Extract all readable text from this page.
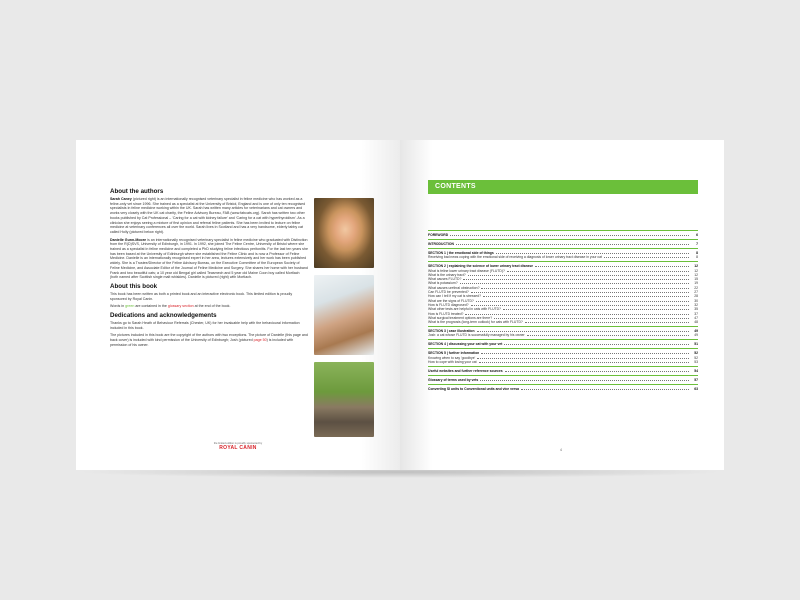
About the authors
Sarah Caney (pictured right) is an internationally recognised veterinary specialist in feline medicine who has worked as a feline-only vet since 1996. She trained as a specialist at the University of Bristol, England and is one of only ten recognised specialists in feline medicine working within the UK. Sarah has written many articles for veterinarians and cat owners and works very closely with the UK cat charity, the Feline Advisory Bureau, FAB (www.fabcats.org). Sarah has written two other books published by Cat Professional – ‘Caring for a cat with kidney failure’ and ‘Caring for a cat with hyperthyroidism’. As a clinician she enjoys seeing a mixture of first opinion and referral feline patients. She has been invited to lecture on feline medicine at veterinary conferences all over the world. Sarah lives in Scotland and has a very handsome, elderly tabby cat called Holly (pictured below right).
Danielle Gunn-Moore is an internationally recognised veterinary specialist in feline medicine who graduated with Distinction from the R(D)SVS, University of Edinburgh, in 1991. In 1992, she joined The Feline Centre, University of Bristol where she trained as a specialist in feline medicine and completed a PhD studying feline infectious peritonitis. For the last ten years she has been based at the University of Edinburgh where she established the Feline Clinic and is now a Professor of Feline Medicine. Danielle is an internationally recognised expert in her area, lectures extensively and her work has been published widely. She is a Trustee/Director of the Feline Advisory Bureau, on the Executive Committee of the European Society of Feline Medicine, and Associate Editor of the Journal of Feline Medicine and Surgery. She shares her home with her husband Frank and two beautiful cats; a 10 year old Bengal girl called Teasmech and 5 year old Maine Coon boy called Mortlach (both named after Scottish single malt whiskies). Danielle is pictured (right) with Mortlach.
About this book
This book has been written as both a printed book and an interactive electronic book. This limited edition is proudly sponsored by Royal Canin.
Words in green are contained in the glossary section at the end of the book.
Dedications and acknowledgements
Thanks go to Sarah Heath of Behaviour Referrals (Chester, UK) for her invaluable help with the behavioural information included in this book.
The pictures included in this book are the copyright of the authors with two exceptions. The picture of Danielle (this page and back cover) is included with kind permission of the University of Edinburgh; Josh (pictured page 50) is included with permission of his owner.
the limited edition is proudly sponsored by
ROYAL CANIN
CONTENTS
FOREWORD	6
INTRODUCTION	7
SECTION 1 | the emotional side of things	8
Receiving bad news coping with the emotional side of receiving a diagnosis of lower urinary tract disease in your cat	8
SECTION 2 | explaining the science of lower urinary tract disease	12
What is feline lower urinary tract disease (FLUTD)?	12
What is the urinary tract?	12
What causes FLUTD?	15
What is potassium?	19
What causes urethral obstruction?	22
Can FLUTD be prevented?	27
How can I tell if my cat is stressed?	28
What are the signs of FLUTD?	30
How is FLUTD diagnosed?	32
What other tests are helpful in cats with FLUTD?	35
How is FLUTD treated?	37
What surgical treatment options are there?	47
What is the prognosis (long-term outlook) for cats with FLUTD?	48
SECTION 3 | case illustration	49
Josh: a cat whose FLUTD is successfully managed by his owner	49
SECTION 4 | discussing your cat with your vet	51
SECTION 5 | further information	52
Knowing when to say 'goodbye'	52
How to cope with losing your cat	53
Useful websites and further reference sources	54
Glossary of terms used by vets	57
Converting SI units to Conventional units and vice versa	63
4
